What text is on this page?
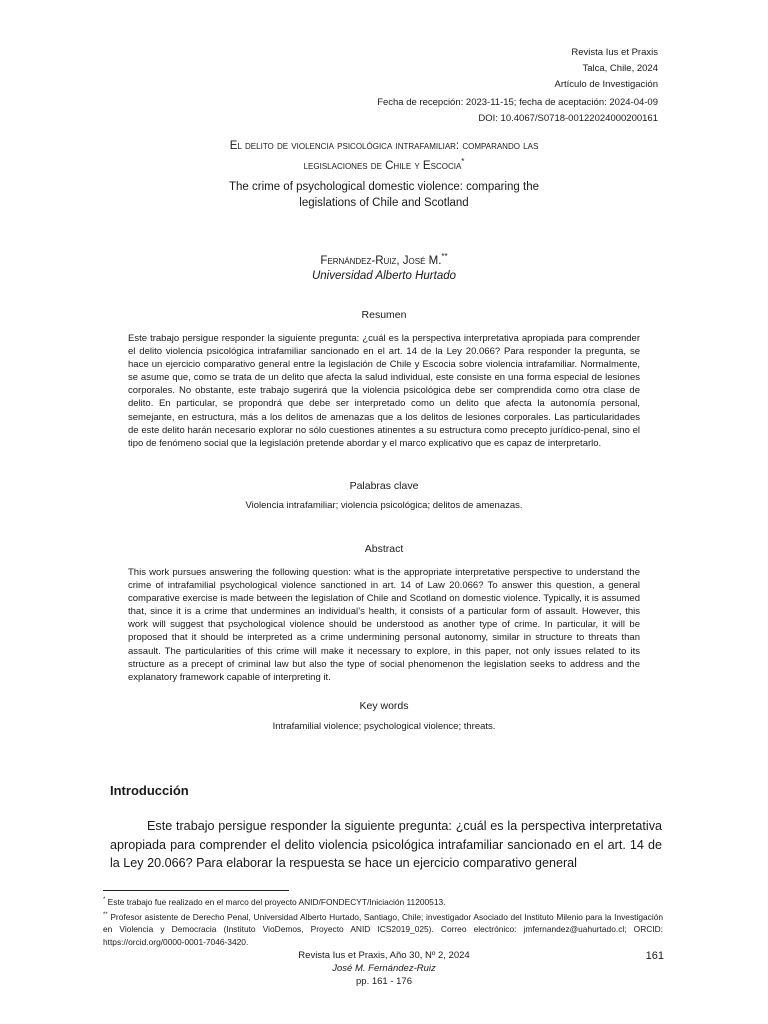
Revista Ius et Praxis
Talca, Chile, 2024
Artículo de Investigación
Fecha de recepción: 2023-11-15; fecha de aceptación: 2024-04-09
DOI: 10.4067/S0718-00122024000200161
El delito de violencia psicológica intrafamiliar: comparando las
legislaciones de Chile y Escocia*
The crime of psychological domestic violence: comparing the
legislations of Chile and Scotland
Fernández-Ruiz, José M.**
Universidad Alberto Hurtado
Resumen
Este trabajo persigue responder la siguiente pregunta: ¿cuál es la perspectiva interpretativa apropiada para comprender el delito violencia psicológica intrafamiliar sancionado en el art. 14 de la Ley 20.066? Para responder la pregunta, se hace un ejercicio comparativo general entre la legislación de Chile y Escocia sobre violencia intrafamiliar. Normalmente, se asume que, como se trata de un delito que afecta la salud individual, este consiste en una forma especial de lesiones corporales. No obstante, este trabajo sugerirá que la violencia psicológica debe ser comprendida como otra clase de delito. En particular, se propondrá que debe ser interpretado como un delito que afecta la autonomía personal, semejante, en estructura, más a los delitos de amenazas que a los delitos de lesiones corporales. Las particularidades de este delito harán necesario explorar no sólo cuestiones atinentes a su estructura como precepto jurídico-penal, sino el tipo de fenómeno social que la legislación pretende abordar y el marco explicativo que es capaz de interpretarlo.
Palabras clave
Violencia intrafamiliar; violencia psicológica; delitos de amenazas.
Abstract
This work pursues answering the following question: what is the appropriate interpretative perspective to understand the crime of intrafamilial psychological violence sanctioned in art. 14 of Law 20.066? To answer this question, a general comparative exercise is made between the legislation of Chile and Scotland on domestic violence. Typically, it is assumed that, since it is a crime that undermines an individual’s health, it consists of a particular form of assault. However, this work will suggest that psychological violence should be understood as another type of crime. In particular, it will be proposed that it should be interpreted as a crime undermining personal autonomy, similar in structure to threats than assault. The particularities of this crime will make it necessary to explore, in this paper, not only issues related to its structure as a precept of criminal law but also the type of social phenomenon the legislation seeks to address and the explanatory framework capable of interpreting it.
Key words
Intrafamilial violence; psychological violence; threats.
Introducción
Este trabajo persigue responder la siguiente pregunta: ¿cuál es la perspectiva interpretativa apropiada para comprender el delito violencia psicológica intrafamiliar sancionado en el art. 14 de la Ley 20.066? Para elaborar la respuesta se hace un ejercicio comparativo general

* Este trabajo fue realizado en el marco del proyecto ANID/FONDECYT/Iniciación 11200513.

** Profesor asistente de Derecho Penal, Universidad Alberto Hurtado, Santiago, Chile; investigador Asociado del Instituto Milenio para la Investigación en Violencia y Democracia (Instituto VioDemos, Proyecto ANID ICS2019_025). Correo electrónico: jmfernandez@uahurtado.cl; ORCID: https://orcid.org/0000-0001-7046-3420.

Revista Ius et Praxis, Año 30, Nº 2, 2024
José M. Fernández-Ruiz
pp. 161 - 176
161
